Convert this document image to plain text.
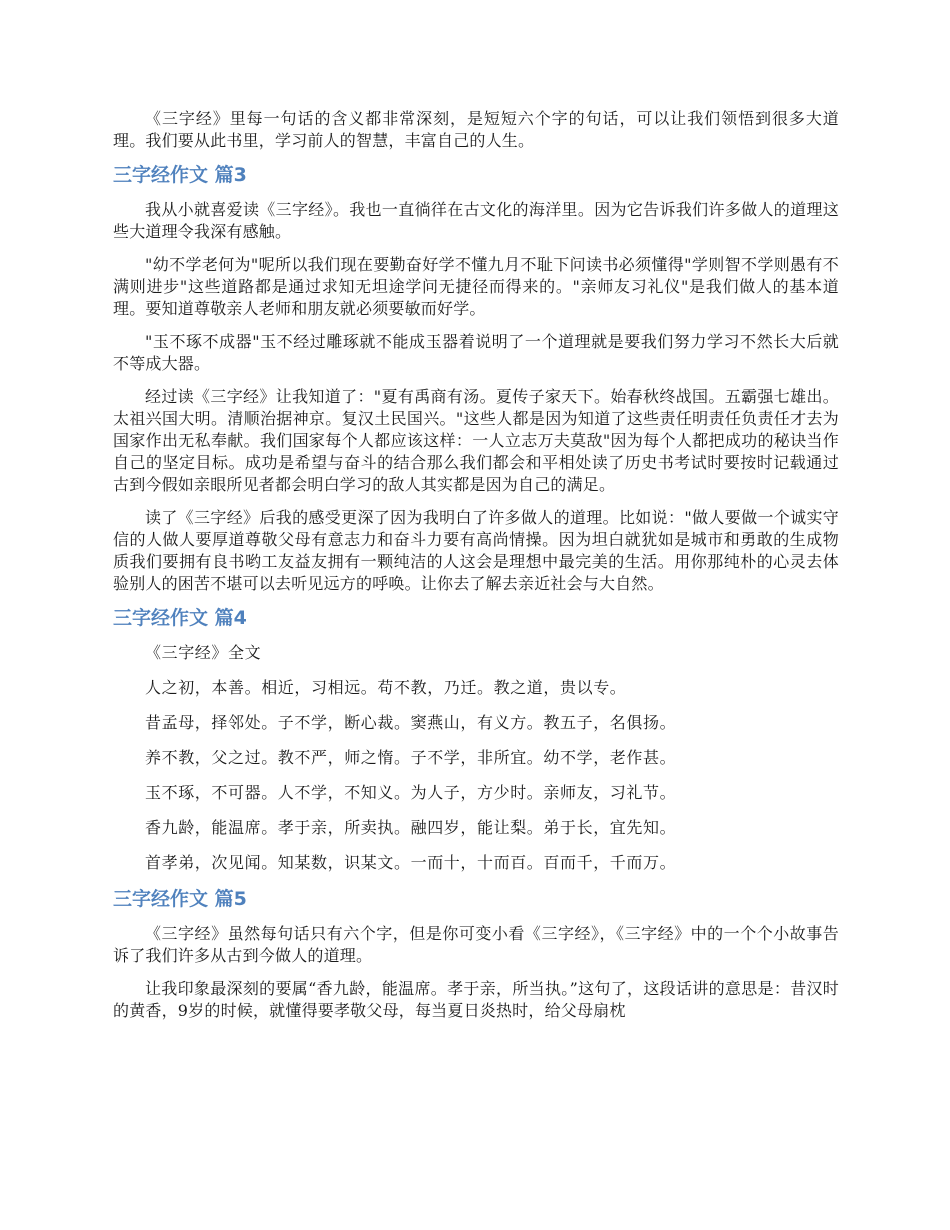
《三字经》里每一句话的含义都非常深刻，是短短六个字的句话，可以让我们领悟到很多大道理。我们要从此书里，学习前人的智慧，丰富自己的人生。

三字经作文 篇3

我从小就喜爱读《三字经》。我也一直徜徉在古文化的海洋里。因为它告诉我们许多做人的道理这些大道理令我深有感触。

"幼不学老何为"呢所以我们现在要勤奋好学不懂九月不耻下问读书必须懂得"学则智不学则愚有不满则进步"这些道路都是通过求知无坦途学问无捷径而得来的。"亲师友习礼仪"是我们做人的基本道理。要知道尊敬亲人老师和朋友就必须要敏而好学。

"玉不琢不成器"玉不经过雕琢就不能成玉器着说明了一个道理就是要我们努力学习不然长大后就不等成大器。

经过读《三字经》让我知道了："夏有禹商有汤。夏传子家天下。始春秋终战国。五霸强七雄出。太祖兴国大明。清顺治据神京。复汉土民国兴。"这些人都是因为知道了这些责任明责任负责任才去为国家作出无私奉献。我们国家每个人都应该这样：一人立志万夫莫敌"因为每个人都把成功的秘诀当作自己的坚定目标。成功是希望与奋斗的结合那么我们都会和平相处读了历史书考试时要按时记载通过古到今假如亲眼所见者都会明白学习的敌人其实都是因为自己的满足。

读了《三字经》后我的感受更深了因为我明白了许多做人的道理。比如说："做人要做一个诚实守信的人做人要厚道尊敬父母有意志力和奋斗力要有高尚情操。因为坦白就犹如是城市和勇敢的生成物质我们要拥有良书哟工友益友拥有一颗纯洁的人这会是理想中最完美的生活。用你那纯朴的心灵去体验别人的困苦不堪可以去听见远方的呼唤。让你去了解去亲近社会与大自然。

三字经作文 篇4

《三字经》全文

人之初，本善。相近，习相远。苟不教，乃迁。教之道，贵以专。

昔孟母，择邻处。子不学，断心裁。窦燕山，有义方。教五子，名俱扬。

养不教，父之过。教不严，师之惰。子不学，非所宜。幼不学，老作甚。

玉不琢，不可器。人不学，不知义。为人子，方少时。亲师友，习礼节。

香九龄，能温席。孝于亲，所卖执。融四岁，能让梨。弟于长，宜先知。

首孝弟，次见闻。知某数，识某文。一而十，十而百。百而千，千而万。

三字经作文 篇5

《三字经》虽然每句话只有六个字，但是你可变小看《三字经》，《三字经》中的一个个小故事告诉了我们许多从古到今做人的道理。

让我印象最深刻的要属“香九龄，能温席。孝于亲，所当执。”这句了，这段话讲的意思是：昔汉时的黄香，9岁的时候，就懂得要孝敬父母，每当夏日炎热时，给父母扇枕
